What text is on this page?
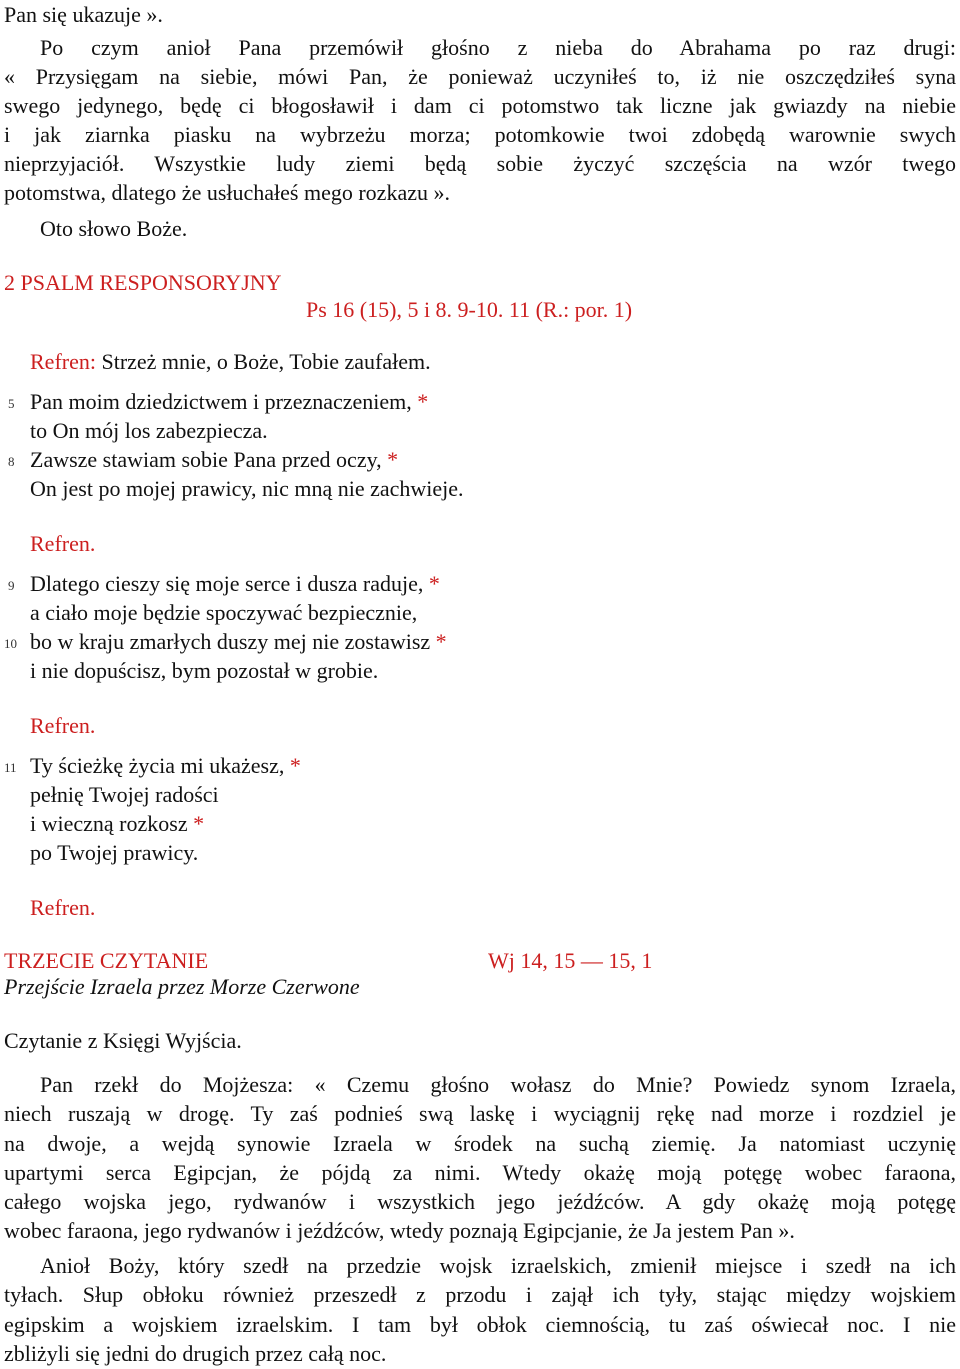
Pan się ukazuje ».
Po czym anioł Pana przemówił głośno z nieba do Abrahama po raz drugi:
« Przysięgam na siebie, mówi Pan, że ponieważ uczyniłeś to, iż nie oszczędziłeś syna
swego jedynego, będę ci błogosławił i dam ci potomstwo tak liczne jak gwiazdy na niebie
i jak ziarnka piasku na wybrzeżu morza; potomkowie twoi zdobędą warownie swych
nieprzyjaciół. Wszystkie ludy ziemi będą sobie życzyć szczęścia na wzór twego
potomstwa, dlatego że usłuchałeś mego rozkazu ».
Oto słowo Boże.
2 PSALM RESPONSORYJNY
Ps 16 (15), 5 i 8. 9-10. 11 (R.: por. 1)
Refren: Strzeż mnie, o Boże, Tobie zaufałem.
5 Pan moim dziedzictwem i przeznaczeniem, *
to On mój los zabezpiecza.
8 Zawsze stawiam sobie Pana przed oczy, *
On jest po mojej prawicy, nic mną nie zachwieje.
Refren.
9 Dlatego cieszy się moje serce i dusza raduje, *
a ciało moje będzie spoczywać bezpiecznie,
10 bo w kraju zmarłych duszy mej nie zostawisz *
i nie dopuścisz, bym pozostał w grobie.
Refren.
11 Ty ścieżkę życia mi ukażesz, *
pełnię Twojej radości
i wieczną rozkosz *
po Twojej prawicy.
Refren.
TRZECIE CZYTANIE	Wj 14, 15 — 15, 1
Przejście Izraela przez Morze Czerwone
Czytanie z Księgi Wyjścia.
Pan rzekł do Mojżesza: « Czemu głośno wołasz do Mnie? Powiedz synom Izraela,
niech ruszają w drogę. Ty zaś podnieś swą laskę i wyciągnij rękę nad morze i rozdziel je
na dwoje, a wejdą synowie Izraela w środek na suchą ziemię. Ja natomiast uczynię
upartymi serca Egipcjan, że pójdą za nimi. Wtedy okażę moją potęgę wobec faraona,
całego wojska jego, rydwanów i wszystkich jego jeźdźców. A gdy okażę moją potęgę
wobec faraona, jego rydwanów i jeźdźców, wtedy poznają Egipcjanie, że Ja jestem Pan ».
Anioł Boży, który szedł na przedzie wojsk izraelskich, zmienił miejsce i szedł na ich
tyłach. Słup obłoku również przeszedł z przodu i zajął ich tyły, stając między wojskiem
egipskim a wojskiem izraelskim. I tam był obłok ciemnością, tu zaś oświecał noc. I nie
zbliżyli się jedni do drugich przez całą noc.
